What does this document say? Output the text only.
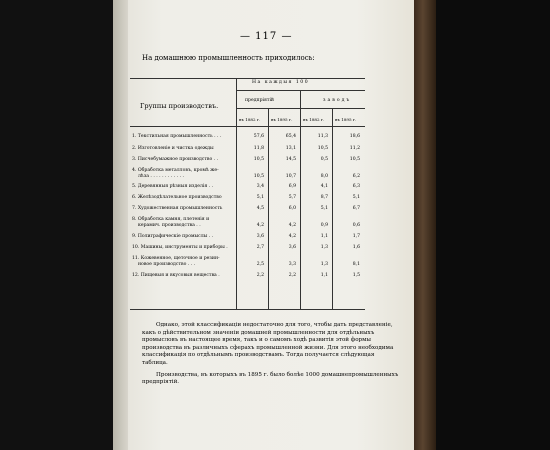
— 117 —
На домашнюю промышленность приходилось:
Группы производствъ.
На каждыя 100
предпріятій	заводъ
въ 1882 г.	въ 1895 г.	въ 1882 г.	въ 1895 г.
1. Текстильная промышленность . . .	57,6	65,4	11,3	18,6
2. Изготовленіе и чистка одежды	11,8	13,1	10,5	11,2
3. Писчебумажное производство . .	10,5	14,5	0,5	10,5
4. Обработка металловъ, кромѣ же-
лѣза . . . . . . . . . . . .	10,5	10,7	8,0	6,2
5. Деревянныя рѣзныя изделія . .	3,4	6,9	4,1	6,3
6. Желѣзодѣлательное производство	5,1	5,7	8,7	5,1
7. Художественная промышленность	4,5	6,0	5,1	6,7
8. Обработка камня, плетенія и
керамич. производства . .	4,2	4,2	0,9	0,6
9. Полиграфическіе промыслы . .	3,6	4,2	1,1	1,7
10. Машины, инструменты и приборы .	2,7	3,6	1,3	1,6
11. Кожевенное, щеточное и резин-
новое производство . . .	2,5	3,3	1,3	8,1
12. Пищевыя и вкусовыя вещества .	2,2	2,2	1,1	1,5

Однако, этой классификаціи недостаточно для того, чтобы дать представленіе, какъ о дѣйствительном значеніи домашней промышленности для отдѣльныхъ промысловъ въ настоящее время, такъ и о самомъ ходѣ развитія этой формы производства въ различныхъ сферахъ промышленной жизни. Для этого необходима классификація по отдѣльнымъ производствамъ. Тогда получается слѣдующая таблица.

Производства, въ которыхъ въ 1895 г. было болѣе 1000 домашнепромышленныхъ предпріятій.
